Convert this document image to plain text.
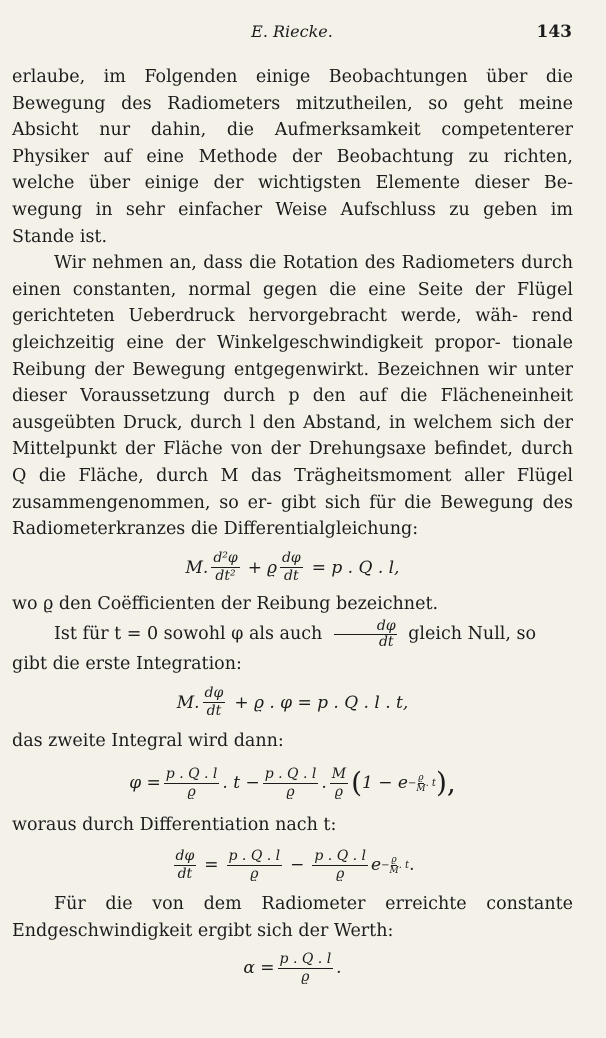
E. Riecke.	143

erlaube, im Folgenden einige Beobachtungen über die Bewegung des Radiometers mitzutheilen, so geht meine Absicht nur dahin, die Aufmerksamkeit competenterer Physiker auf eine Methode der Beobachtung zu richten, welche über einige der wichtigsten Elemente dieser Be- wegung in sehr einfacher Weise Aufschluss zu geben im Stande ist.

Wir nehmen an, dass die Rotation des Radiometers durch einen constanten, normal gegen die eine Seite der Flügel gerichteten Ueberdruck hervorgebracht werde, wäh- rend gleichzeitig eine der Winkelgeschwindigkeit propor- tionale Reibung der Bewegung entgegenwirkt. Bezeichnen wir unter dieser Voraussetzung durch p den auf die Flächeneinheit ausgeübten Druck, durch l den Abstand, in welchem sich der Mittelpunkt der Fläche von der Drehungsaxe befindet, durch Q die Fläche, durch M das Trägheitsmoment aller Flügel zusammengenommen, so er- gibt sich für die Bewegung des Radiometerkranzes die Differentialgleichung:

M. $\frac{\text{d²φ}}{\text{dt²}} + ϱ \frac{d\varphi}{dt} = p$ . Q . l,

wo ϱ den Coëfficienten der Reibung bezeichnet.

Ist für t = 0 sowohl φ als auch $\frac{d\varphi}{dt}$ gleich Null, so

gibt die erste Integration:

M. $\frac{d\varphi}{dt} + ϱ$ . φ = p . Q . l . t,

das zweite Integral wird dann:

$\varphi = \frac{p . Q . l}{ϱ}$ . $t - \frac{p . Q . l}{ϱ}$ . $\frac{M}{ϱ}$ ( $1 - e - \frac{ϱ}{M}$ . t ),

woraus durch Differentiation nach t:

$\frac{d\varphi}{dt} = \frac{p . Q . l}{ϱ} - \frac{p . Q . l}{ϱ}$ $e - \frac{ϱ}{M}$ . t .

Für die von dem Radiometer erreichte constante Endgeschwindigkeit ergibt sich der Werth:

$\alpha = \frac{p . Q . l}{ϱ}$ .
